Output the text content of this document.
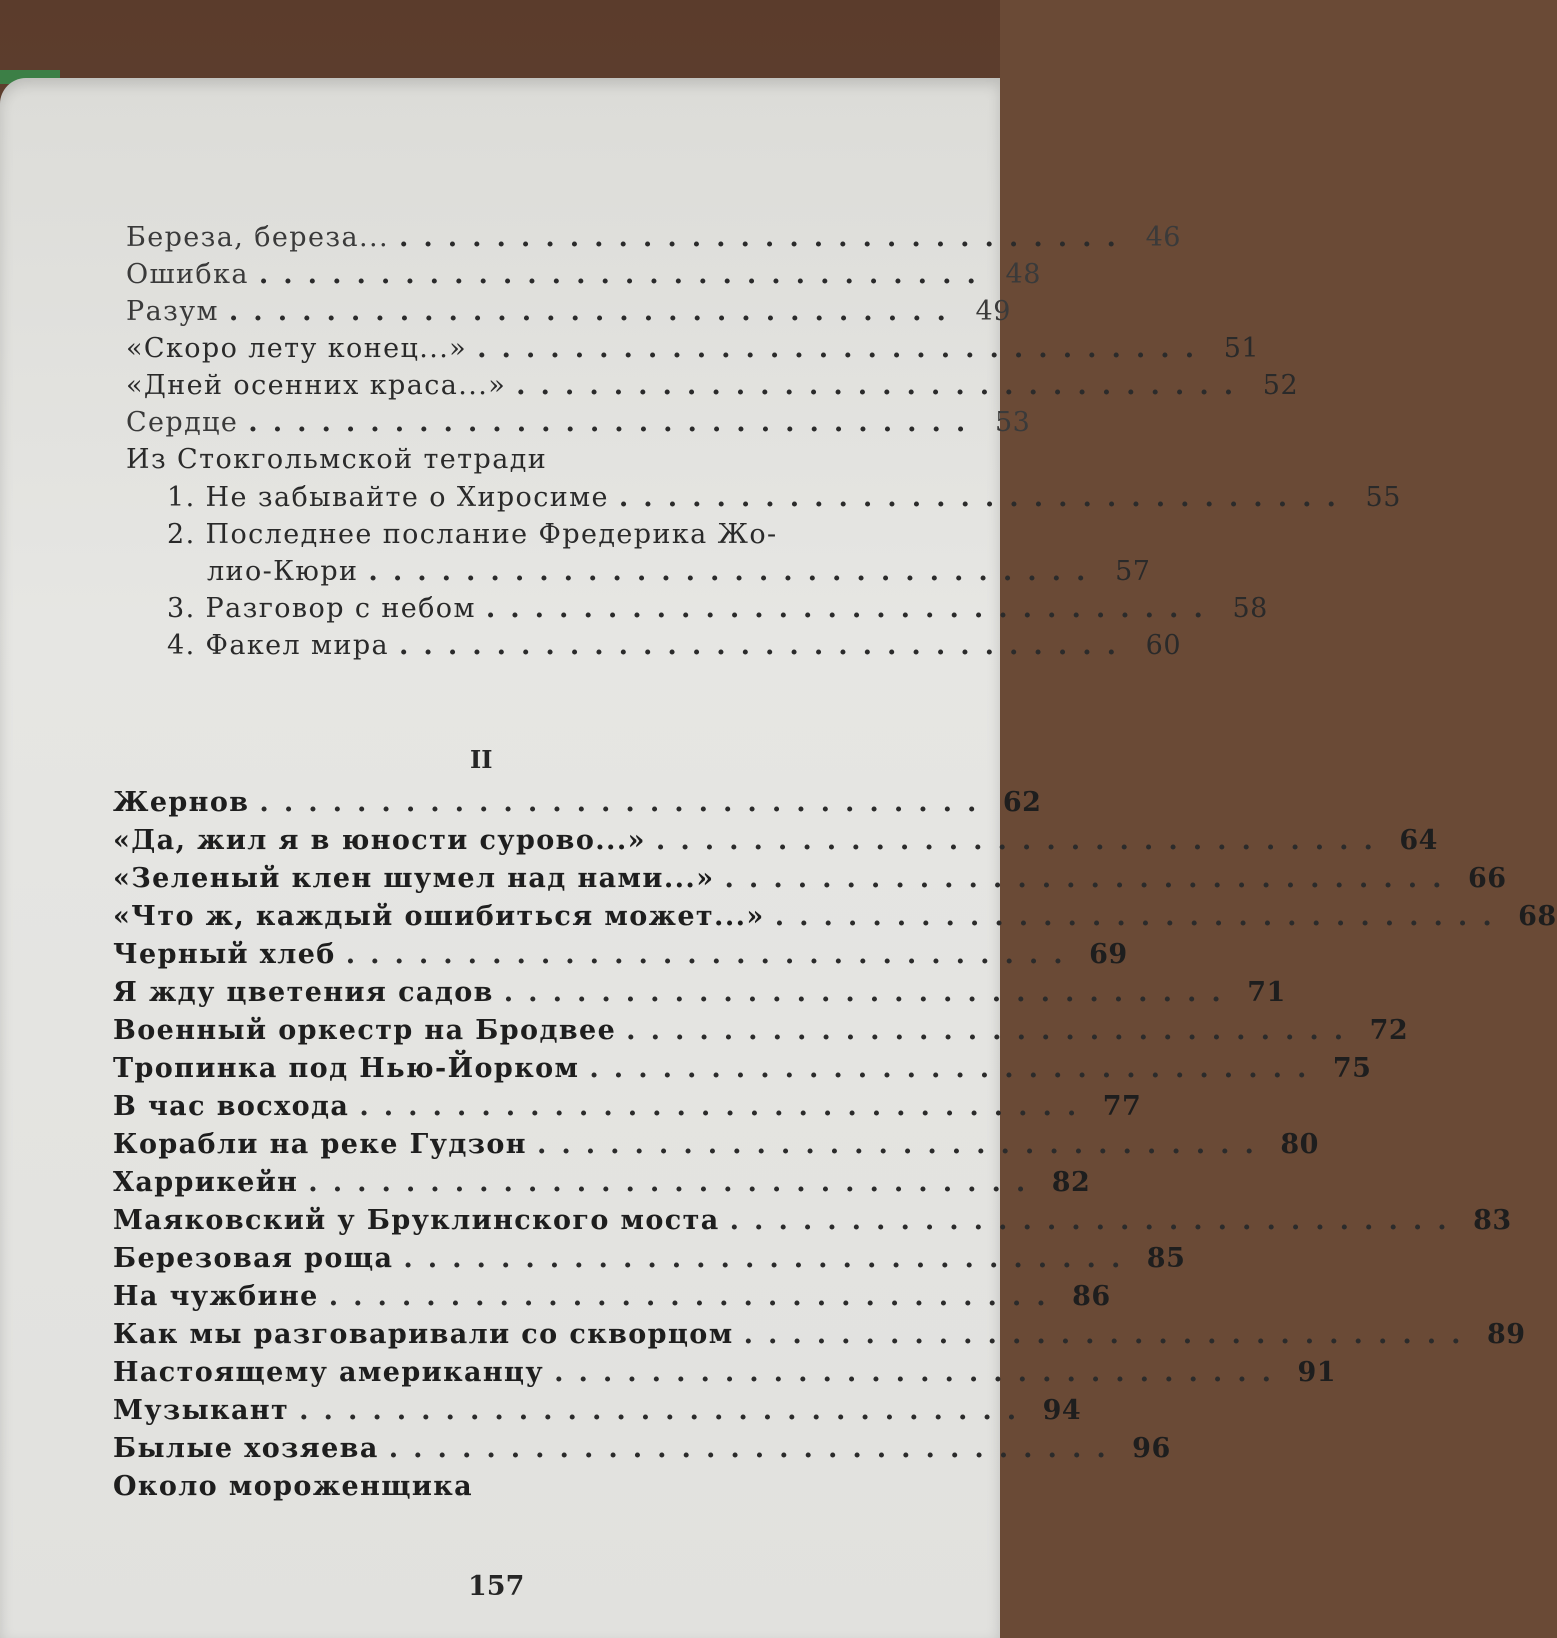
Береза, береза... .............................. 46
Ошибка .............................. 48
Разум .............................. 49
«Скоро лету конец...» .............................. 51
«Дней осенних краса...» .............................. 52
Сердце .............................. 53
Из Стокгольмской тетради
1. Не забывайте о Хиросиме .............................. 55
2. Последнее послание Фредерика Жо-
лио-Кюри .............................. 57
3. Разговор с небом .............................. 58
4. Факел мира .............................. 60
II
Жернов .............................. 62
«Да, жил я в юности сурово...» .............................. 64
«Зеленый клен шумел над нами...» .............................. 66
«Что ж, каждый ошибиться может...» .............................. 68
Черный хлеб .............................. 69
Я жду цветения садов .............................. 71
Военный оркестр на Бродвее .............................. 72
Тропинка под Нью-Йорком .............................. 75
В час восхода .............................. 77
Корабли на реке Гудзон .............................. 80
Харрикейн .............................. 82
Маяковский у Бруклинского моста .............................. 83
Березовая роща .............................. 85
На чужбине .............................. 86
Как мы разговаривали со скворцом .............................. 89
Настоящему американцу .............................. 91
Музыкант .............................. 94
Былые хозяева .............................. 96
Около мороженщика
157
